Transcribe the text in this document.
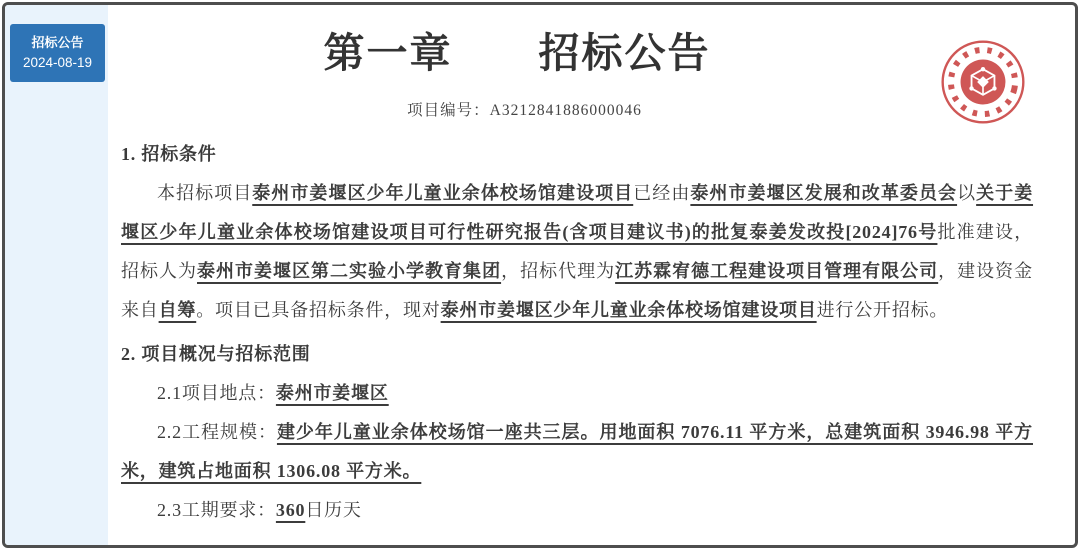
招标公告
2024-08-19	第一章　　招标公告
项目编号：A3212841886000046
1. 招标条件

本招标项目泰州市姜堰区少年儿童业余体校场馆建设项目已经由泰州市姜堰区发展和改革委员会以关于姜堰区少年儿童业余体校场馆建设项目可行性研究报告(含项目建议书)的批复泰姜发改投[2024]76号批准建设，招标人为泰州市姜堰区第二实验小学教育集团，招标代理为江苏霖宥德工程建设项目管理有限公司，建设资金来自自筹。项目已具备招标条件，现对泰州市姜堰区少年儿童业余体校场馆建设项目进行公开招标。

2. 项目概况与招标范围

2.1项目地点：泰州市姜堰区

2.2工程规模：建少年儿童业余体校场馆一座共三层。用地面积 7076.11 平方米，总建筑面积 3946.98 平方米，建筑占地面积 1306.08 平方米。

2.3工期要求：360日历天
